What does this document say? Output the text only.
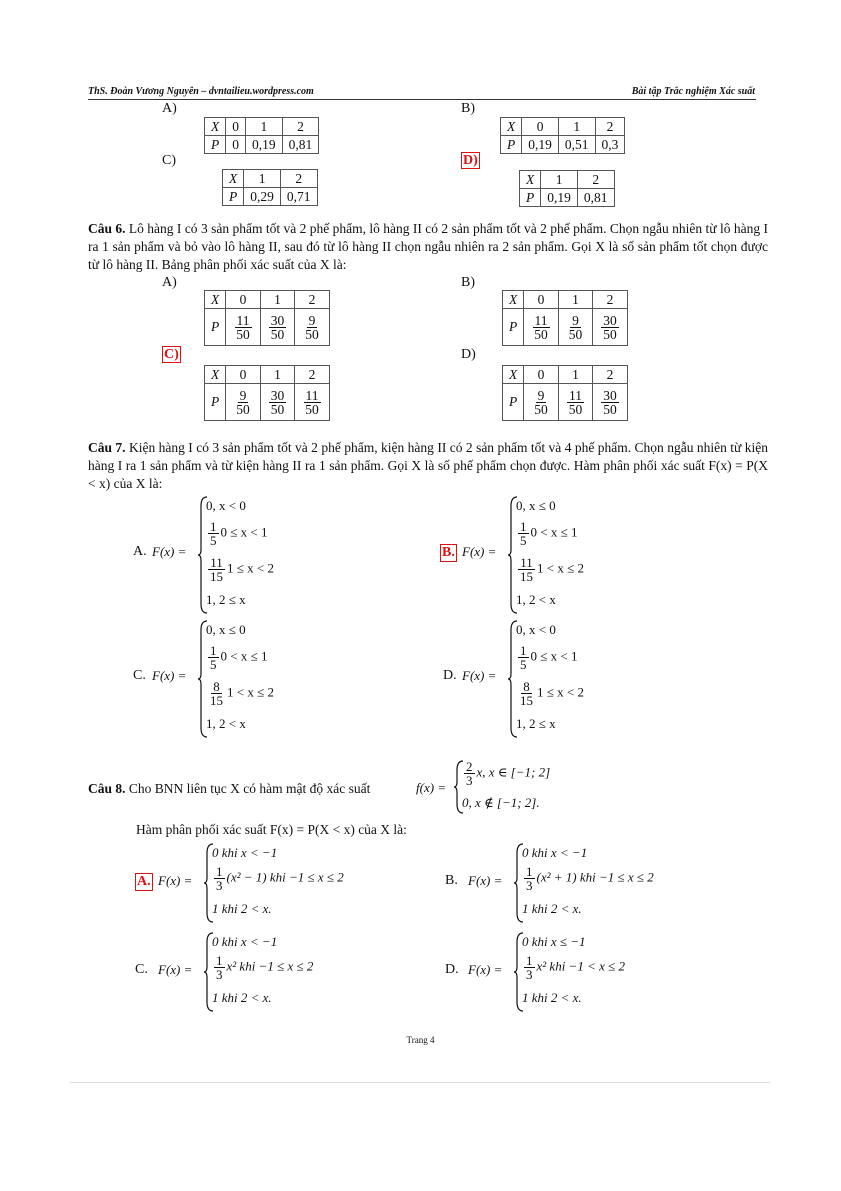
ThS. Đoàn Vương Nguyên – dvntailieu.wordpress.com	Bài tập Trắc nghiệm Xác suất
A)	B)
C)	D)
X	0	1	2
P	0	0,19	0,81
X	0	1	2
P	0,19	0,51	0,3
X	1	2
P	0,29	0,71
X	1	2
P	0,19	0,81
Câu 6. Lô hàng I có 3 sản phẩm tốt và 2 phế phẩm, lô hàng II có 2 sản phẩm tốt và 2 phế phẩm. Chọn ngẫu nhiên từ lô hàng I ra 1 sản phẩm và bỏ vào lô hàng II, sau đó từ lô hàng II chọn ngẫu nhiên ra 2 sản phẩm. Gọi X là số sản phẩm tốt chọn được từ lô hàng II. Bảng phân phối xác suất của X là:
A)	B)
C)	D)
X	0	1	2
P	$\frac{11}{50}$	$\frac{30}{50}$	$\frac{9}{50}$
X	0	1	2
P	$\frac{11}{50}$	$\frac{9}{50}$	$\frac{30}{50}$
X	0	1	2
P	$\frac{9}{50}$	$\frac{30}{50}$	$\frac{11}{50}$
X	0	1	2
P	$\frac{9}{50}$	$\frac{11}{50}$	$\frac{30}{50}$
Câu 7. Kiện hàng I có 3 sản phẩm tốt và 2 phế phẩm, kiện hàng II có 2 sản phẩm tốt và 4 phế phẩm. Chọn ngẫu nhiên từ kiện hàng I ra 1 sản phẩm và từ kiện hàng II ra 1 sản phẩm. Gọi X là số phế phẩm chọn được. Hàm phân phối xác suất F(x) = P(X < x) của X là:
A. F(x) =
0, x < 0
$\frac{1}{5} 0 \le x < 1$
$\frac{11}{15} 1 \le x < 2$
1, 2 ≤ x
B. F(x) =
0, x ≤ 0
$\frac{1}{5} 0 < x \le 1$
$\frac{11}{15} 1 < x \le 2$
1, 2 < x
C. F(x) =
0, x ≤ 0
$\frac{1}{5} 0 < x \le 1$
$\frac{8}{15} 1 < x \le 2$
1, 2 < x
D. F(x) =
0, x < 0
$\frac{1}{5} 0 \le x < 1$
$\frac{8}{15} 1 \le x < 2$
1, 2 ≤ x
Câu 8. Cho BNN liên tục X có hàm mật độ xác suất	f(x) =
$\frac{2}{3} x$, x ∈ [−1; 2]
0, x ∉ [−1; 2].
Hàm phân phối xác suất F(x) = P(X < x) của X là:
A. F(x) =
0 khi x < −1
$\frac{1}{3} (x^2 - 1)$ khi −1 ≤ x ≤ 2
1 khi 2 < x.
B. F(x) =
0 khi x < −1
$\frac{1}{3} (x^2 + 1)$ khi −1 ≤ x ≤ 2
1 khi 2 < x.
C. F(x) =
0 khi x < −1
$\frac{1}{3} x^2$ khi −1 ≤ x ≤ 2
1 khi 2 < x.
D. F(x) =
0 khi x ≤ −1
$\frac{1}{3} x^2$ khi −1 < x ≤ 2
1 khi 2 < x.
Trang 4
